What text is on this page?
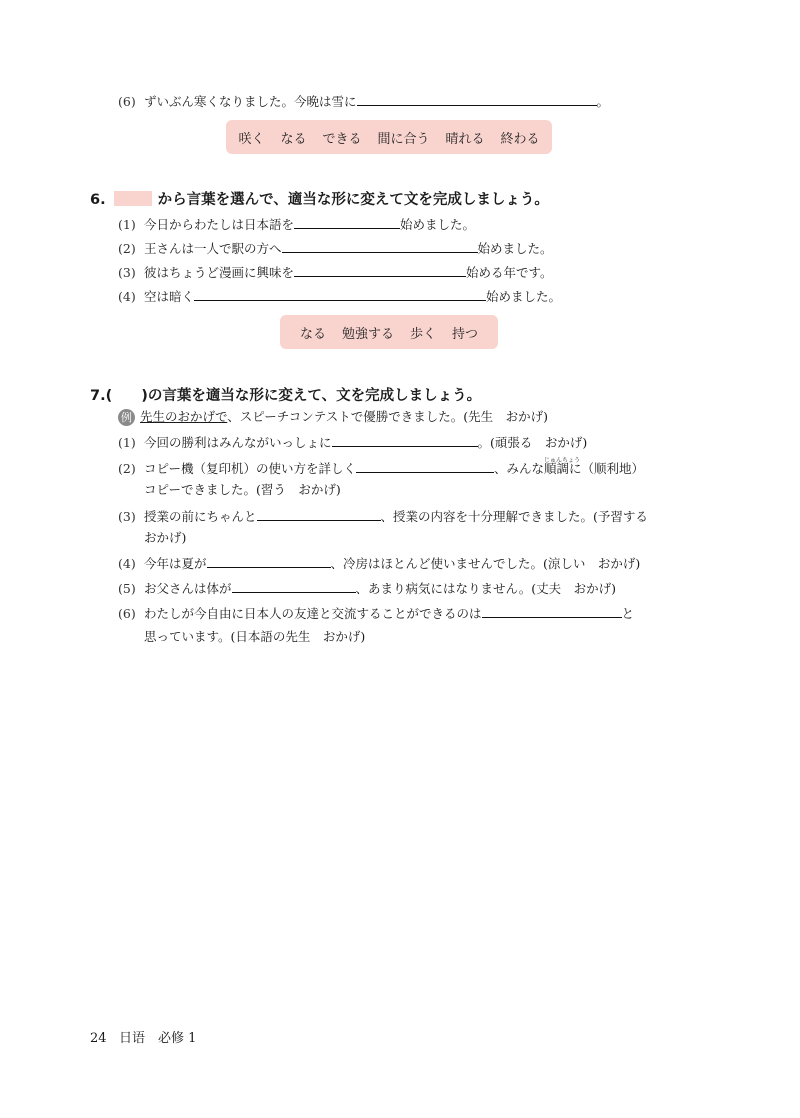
(6) ずいぶん寒くなりました。今晩は雪に	。
咲く なる できる 間に合う 晴れる 終わる
6.	から言葉を選んで、適当な形に変えて文を完成しましょう。
(1) 今日からわたしは日本語を	始めました。
(2) 王さんは一人で駅の方へ	始めました。
(3) 彼はちょうど漫画に興味を	始める年です。
(4) 空は暗く	始めました。
なる 勉強する 歩く 持つ
7.(　　)の言葉を適当な形に変えて、文を完成しましょう。
例 先生のおかげで、スピーチコンテストで優勝できました。(先生　おかげ)
(1) 今回の勝利はみんながいっしょに	。(頑張る　おかげ)
(2) コピー機（复印机）の使い方を詳しく	、みんな
じゅんちょう
順調に（顺利地）
コピーできました。(習う　おかげ)
(3) 授業の前にちゃんと	、授業の内容を十分理解できました。(予習する
おかげ)
(4) 今年は夏が	、冷房はほとんど使いませんでした。(涼しい　おかげ)
(5) お父さんは体が	、あまり病気にはなりません。(丈夫　おかげ)
(6) わたしが今自由に日本人の友達と交流することができるのは	と
思っています。(日本語の先生　おかげ)
24 日语　必修 1
